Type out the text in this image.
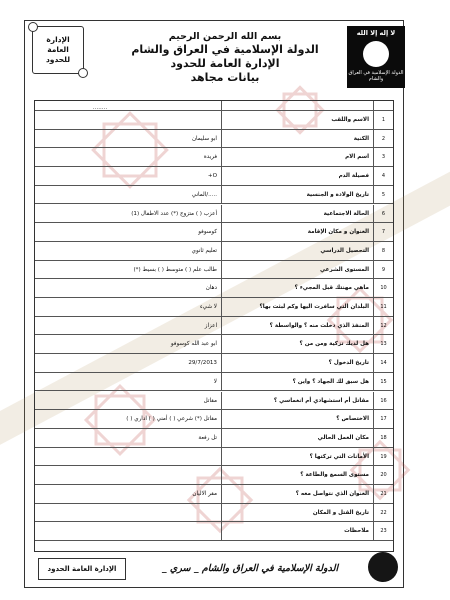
الإدارة
العامة
للحدود
بسم الله الرحمن الرحيم
الدولة الإسلامية في العراق والشام
الإدارة العامة للحدود
بيانات مجاهد
لا إله إلا الله
الدولة الإسلامية في العراق والشام
........
1
الاسم واللقب
2
الكنية
ابو سليمان
3
اسم الام
فريدة
4
فصيلة الدم
O+
5
تاريخ الولادة و الجنسية
...../الماني
6
الحالة الاجتماعية
أعزب ( ) متزوج (*) عدد الاطفال (1)
7
العنوان و مكان الإقامة
كوسوفو
8
التحصيل الدراسي
تعليم ثانوي
9
المستوى الشرعي
طالب علم ( ) متوسط ( ) بسيط (*)
10
ماهي مهنتك قبل المجيء ؟
دهان
11
البلدان التي سافرت اليها وكم لبثت بها؟
لا شيء
12
المنفذ الذي دخلت منه ؟ والواسطة ؟
اعزاز
13
هل لديك تزكية ومن من ؟
ابو عبد الله كوسوفو
14
تاريخ الدخول ؟
29/7/2013
15
هل سبق لك الجهاد ؟ واين ؟
لا
16
مقاتل أم استشهادي أم انغماسي ؟
مقاتل
17
الاختصاص ؟
مقاتل (*) شرعي ( ) أمني ( ) اداري ( )
18
مكان العمل الحالي
تل رفعة
19
الأمانات التي تركتها ؟
20
مستوى السمع والطاعة ؟
21
العنوان الذي نتواصل معه ؟
مقر الاليان
22
تاريخ القتل و المكان
23
ملاحظات
الإدارة العامة الحدود	الدولة الإسلامية في العراق والشام _ سري _
